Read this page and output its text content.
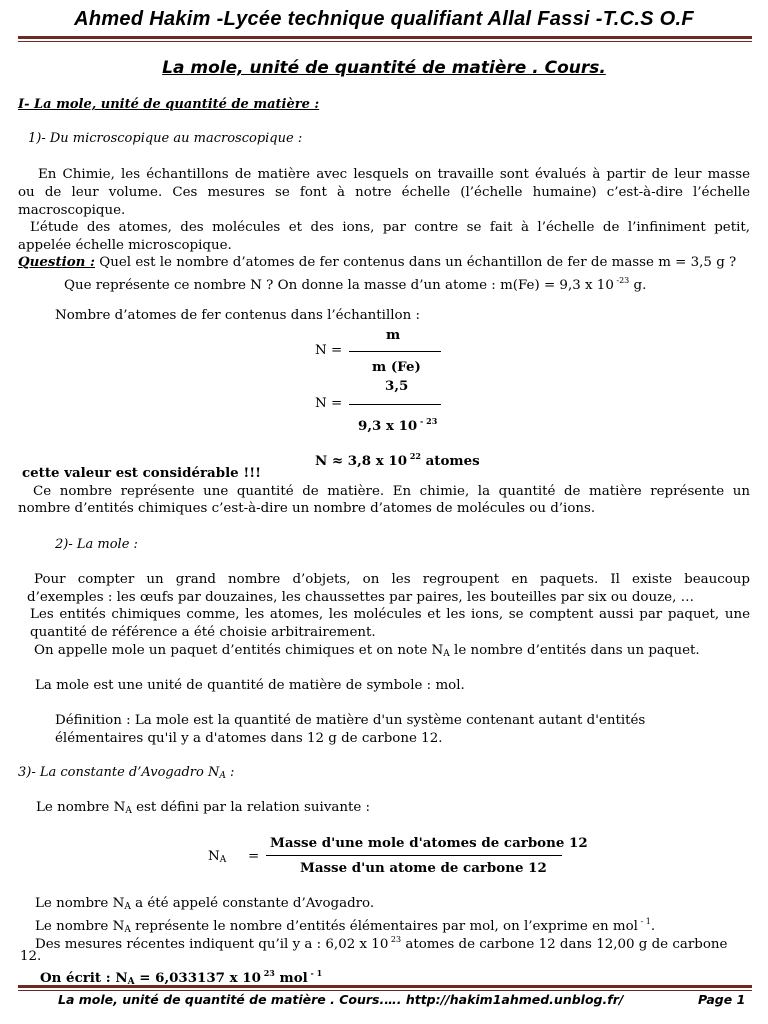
Ahmed Hakim -Lycée technique qualifiant Allal Fassi -T.C.S O.F
La mole, unité de quantité de matière . Cours.
I- La mole, unité de quantité de matière :
1)- Du microscopique au macroscopique :
En Chimie, les échantillons de matière avec lesquels on travaille sont évalués à partir de leur masse
ou de leur volume. Ces mesures se font à notre échelle (l’échelle humaine) c’est-à-dire l’échelle
macroscopique.
L’étude des atomes, des molécules et des ions, par contre se fait à l’échelle de l’infiniment petit,
appelée échelle microscopique.
Question : Quel est le nombre d’atomes de fer contenus dans un échantillon de fer de masse m = 3,5 g ?
Que représente ce nombre N ? On donne la masse d’un atome : m(Fe) = 9,3 x 10 $^{-23}$ g.
Nombre d’atomes de fer contenus dans l’échantillon :
N =
m
m (Fe)
N =
3,5
9,3 x 10 $^{- 23}$
N ≈ 3,8 x 10 $^{22}$ atomes
cette valeur est considérable !!!
Ce nombre représente une quantité de matière. En chimie, la quantité de matière représente un
nombre d’entités chimiques c’est-à-dire un nombre d’atomes de molécules ou d’ions.
2)- La mole :
Pour compter un grand nombre d’objets, on les regroupent en paquets. Il existe beaucoup
d’exemples : les œufs par douzaines, les chaussettes par paires, les bouteilles par six ou douze, …
Les entités chimiques comme, les atomes, les molécules et les ions, se comptent aussi par paquet, une
quantité de référence a été choisie arbitrairement.
On appelle mole un paquet d’entités chimiques et on note $N_A$ le nombre d’entités dans un paquet.
La mole est une unité de quantité de matière de symbole : mol.
Définition : La mole est la quantité de matière d'un système contenant autant d'entités
élémentaires qu'il y a d'atomes dans 12 g de carbone 12.
3)- La constante d’Avogadro $N_A$ :
Le nombre $N_A$ est défini par la relation suivante :
$N_A$ =
Masse d'une mole d'atomes de carbone 12
Masse d'un atome de carbone 12
Le nombre $N_A$ a été appelé constante d’Avogadro.
Le nombre $N_A$ représente le nombre d’entités élémentaires par mol, on l’exprime en mol $^{- 1}$.
Des mesures récentes indiquent qu’il y a : 6,02 x 10 $^{23}$ atomes de carbone 12 dans 12,00 g de carbone
12.
On écrit : $N_A = 6,033137$ x 10 $^{23}$ mol $^{- 1}$
La mole, unité de quantité de matière . Cours.…. http://hakim1ahmed.unblog.fr/	Page 1
